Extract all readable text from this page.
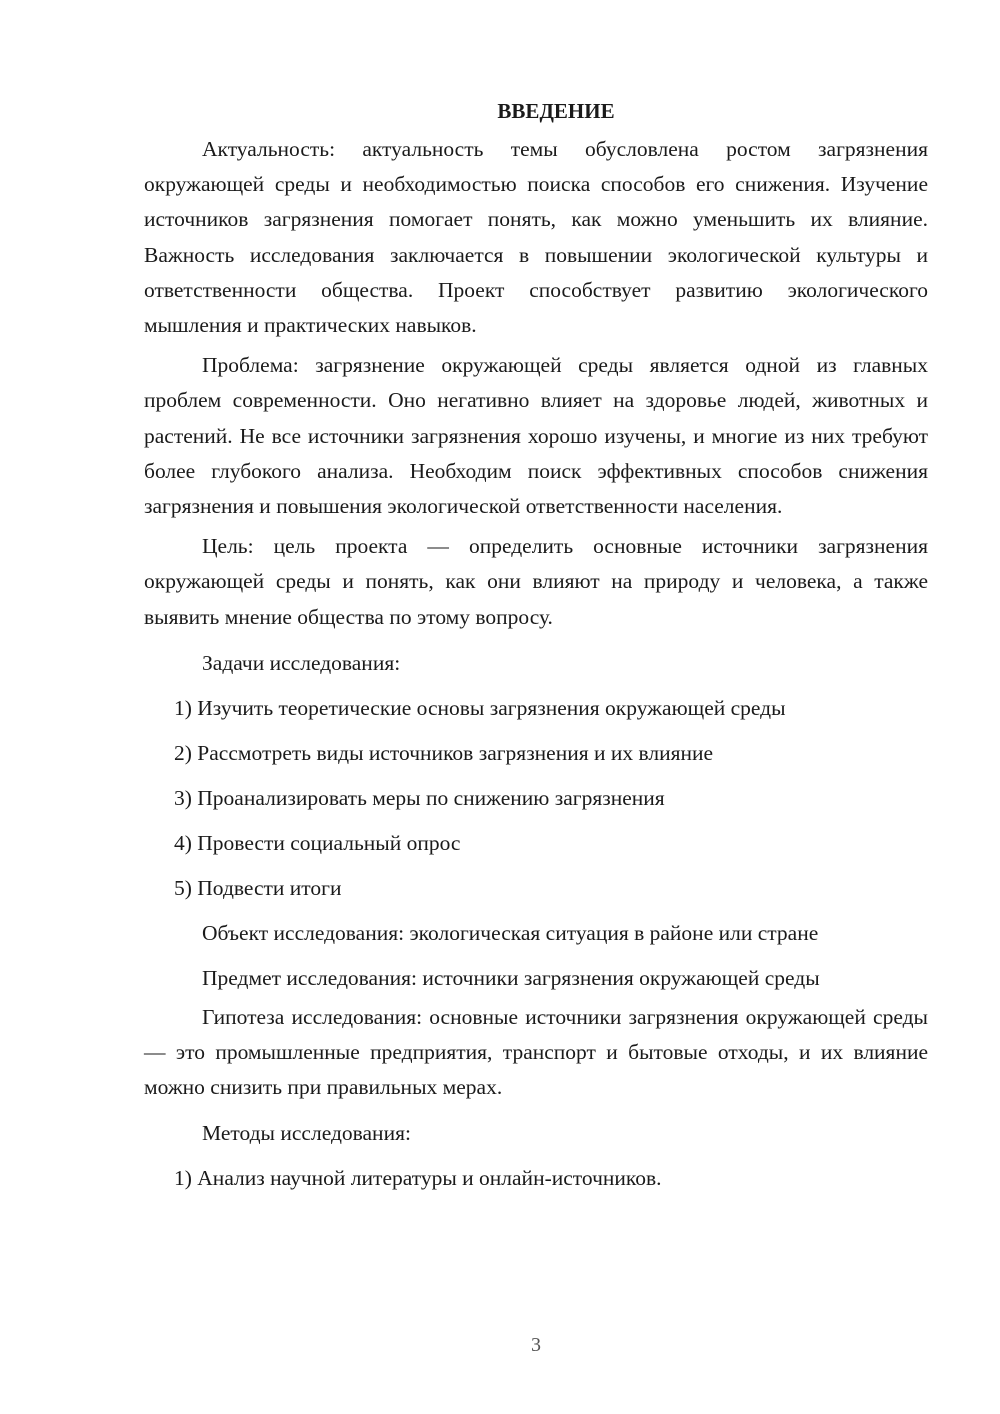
ВВЕДЕНИЕ

Актуальность: актуальность темы обусловлена ростом загрязнения окружающей среды и необходимостью поиска способов его снижения. Изучение источников загрязнения помогает понять, как можно уменьшить их влияние. Важность исследования заключается в повышении экологической культуры и ответственности общества. Проект способствует развитию экологического мышления и практических навыков.

Проблема: загрязнение окружающей среды является одной из главных проблем современности. Оно негативно влияет на здоровье людей, животных и растений. Не все источники загрязнения хорошо изучены, и многие из них требуют более глубокого анализа. Необходим поиск эффективных способов снижения загрязнения и повышения экологической ответственности населения.

Цель: цель проекта — определить основные источники загрязнения окружающей среды и понять, как они влияют на природу и человека, а также выявить мнение общества по этому вопросу.

Задачи исследования:

1) Изучить теоретические основы загрязнения окружающей среды

2) Рассмотреть виды источников загрязнения и их влияние

3) Проанализировать меры по снижению загрязнения

4) Провести социальный опрос

5) Подвести итоги

Объект исследования: экологическая ситуация в районе или стране

Предмет исследования: источники загрязнения окружающей среды

Гипотеза исследования: основные источники загрязнения окружающей среды — это промышленные предприятия, транспорт и бытовые отходы, и их влияние можно снизить при правильных мерах.

Методы исследования:

1) Анализ научной литературы и онлайн-источников.

3
